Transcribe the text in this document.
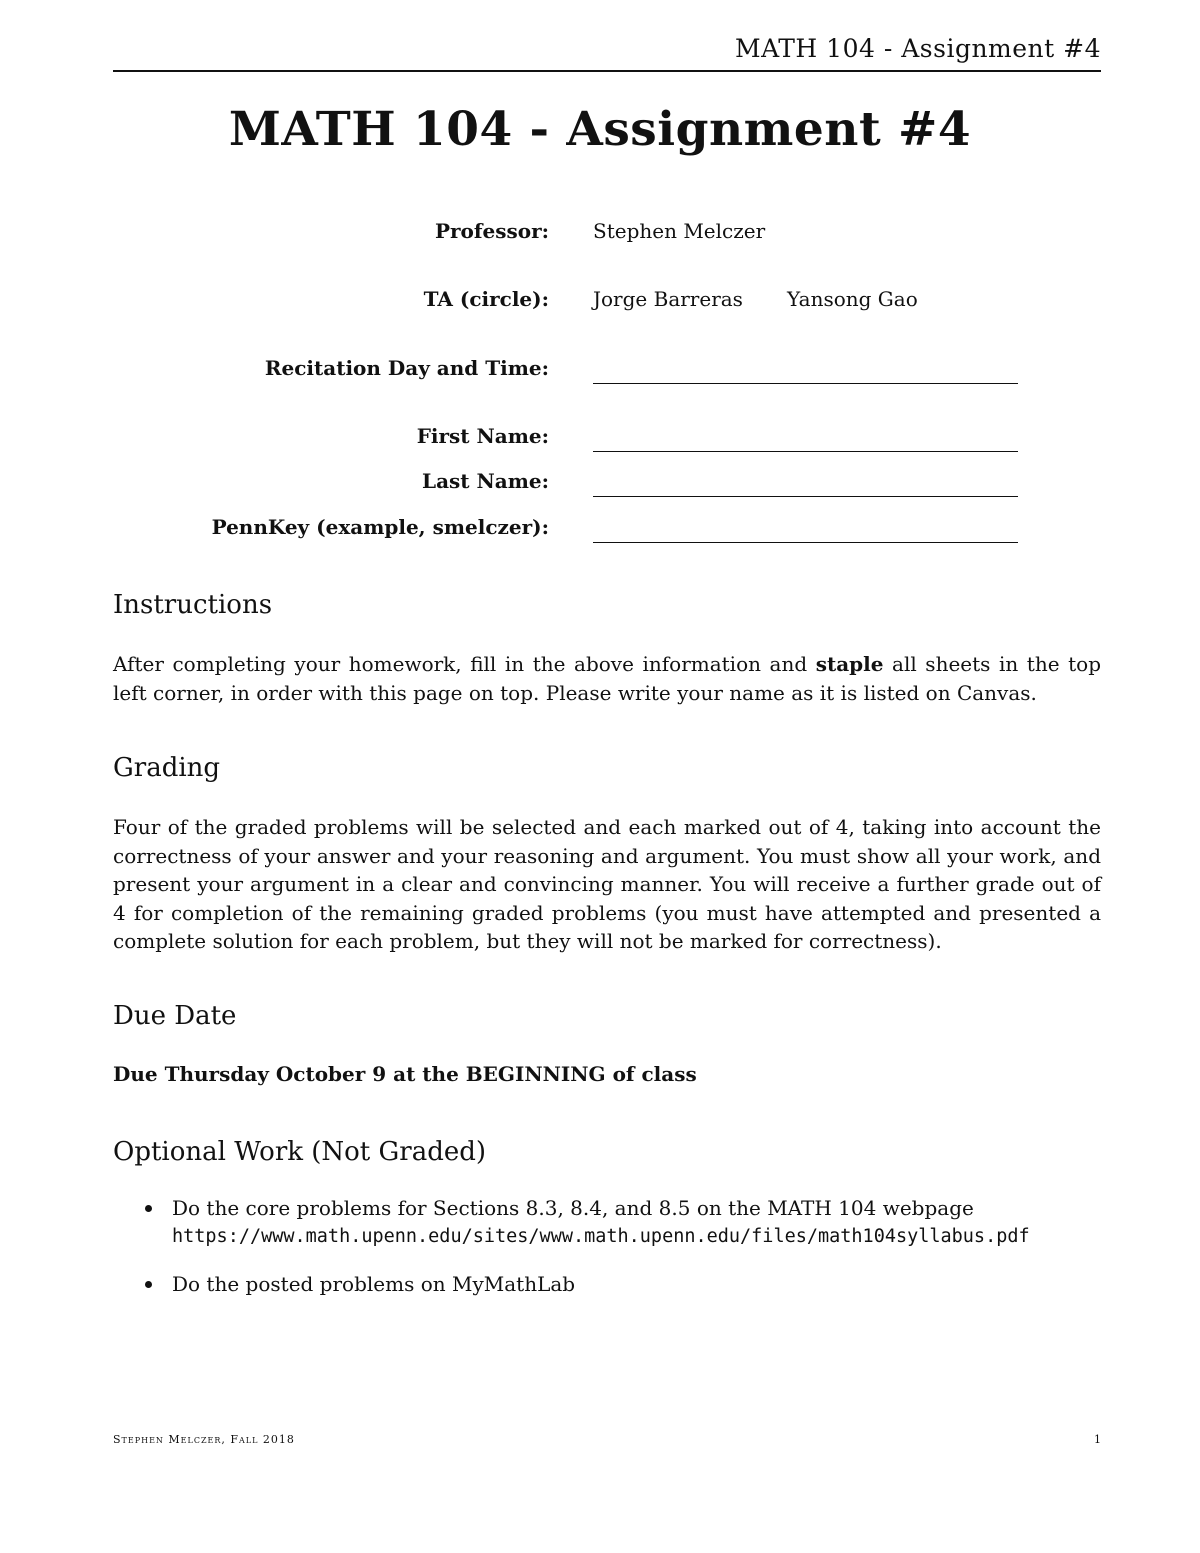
MATH 104 - Assignment #4
MATH 104 - Assignment #4
Professor: Stephen Melczer
TA (circle): Jorge Barreras Yansong Gao
Recitation Day and Time:
First Name:
Last Name:
PennKey (example, smelczer):
Instructions

After completing your homework, fill in the above information and staple all sheets in the top left corner, in order with this page on top. Please write your name as it is listed on Canvas.

Grading

Four of the graded problems will be selected and each marked out of 4, taking into account the correctness of your answer and your reasoning and argument. You must show all your work, and present your argument in a clear and convincing manner. You will receive a further grade out of 4 for completion of the remaining graded problems (you must have attempted and presented a complete solution for each problem, but they will not be marked for correctness).

Due Date
Due Thursday October 9 at the BEGINNING of class
Optional Work (Not Graded)
Do the core problems for Sections 8.3, 8.4, and 8.5 on the MATH 104 webpage
https://www.math.upenn.edu/sites/www.math.upenn.edu/files/math104syllabus.pdf
Do the posted problems on MyMathLab
Stephen Melczer, Fall 2018	1
